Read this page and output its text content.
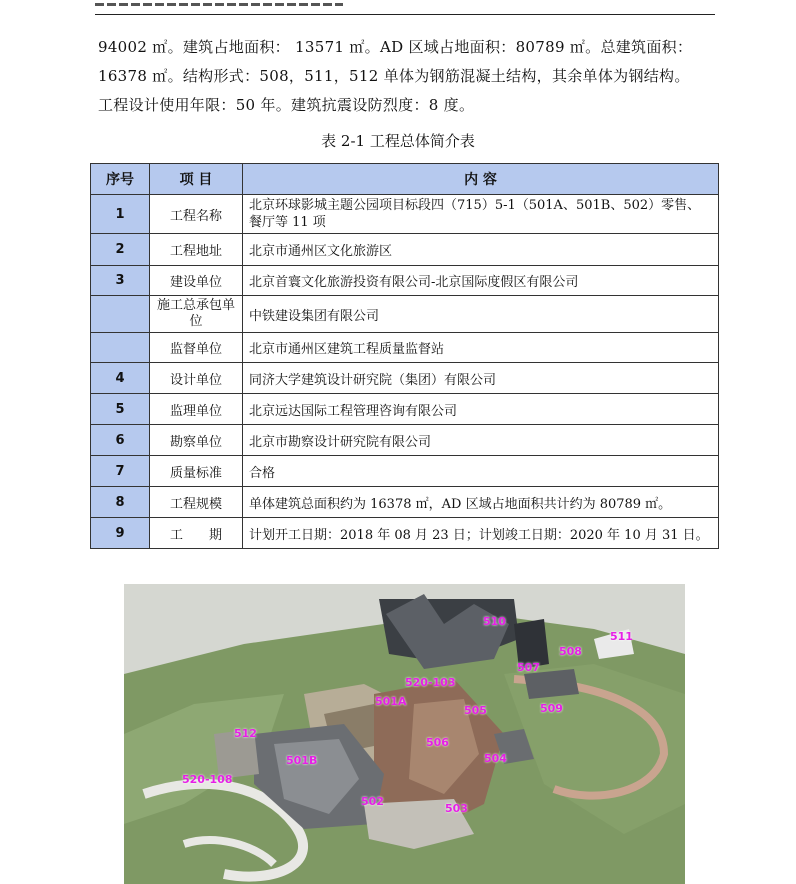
94002 ㎡。建筑占地面积： 13571 ㎡。AD 区域占地面积：80789 ㎡。总建筑面积：
16378 ㎡。结构形式：508，511，512 单体为钢筋混凝土结构，其余单体为钢结构。
工程设计使用年限：50 年。建筑抗震设防烈度：8 度。
表 2-1 工程总体简介表
序号	项 目	内 容
1	工程名称	北京环球影城主题公园项目标段四（715）5-1（501A、501B、502）零售、餐厅等 11 项
2	工程地址	北京市通州区文化旅游区
3	建设单位	北京首寰文化旅游投资有限公司-北京国际度假区有限公司
	施工总承包单位	中铁建设集团有限公司
	监督单位	北京市通州区建筑工程质量监督站
4	设计单位	同济大学建筑设计研究院（集团）有限公司
5	监理单位	北京远达国际工程管理咨询有限公司
6	勘察单位	北京市勘察设计研究院有限公司
7	质量标准	合格
8	工程规模	单体建筑总面积约为 16378 ㎡，AD 区域占地面积共计约为 80789 ㎡。
9	工　　期	计划开工日期：2018 年 08 月 23 日；计划竣工日期：2020 年 10 月 31 日。
510
511
508
507
509
520-103
501A
505
506
504
512
501B
502
503
520-108
